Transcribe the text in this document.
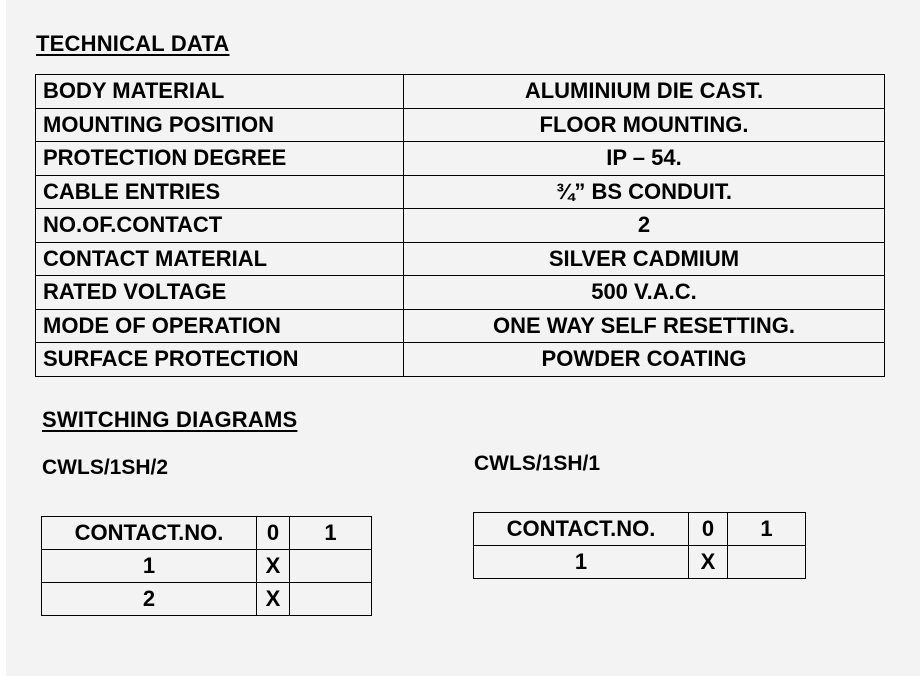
TECHNICAL DATA
BODY MATERIAL	ALUMINIUM DIE CAST.
MOUNTING POSITION	FLOOR MOUNTING.
PROTECTION DEGREE	IP – 54.
CABLE ENTRIES	¾” BS CONDUIT.
NO.OF.CONTACT	2
CONTACT MATERIAL	SILVER CADMIUM
RATED VOLTAGE	500 V.A.C.
MODE OF OPERATION	ONE WAY SELF RESETTING.
SURFACE PROTECTION	POWDER COATING
SWITCHING DIAGRAMS
CWLS/1SH/2	CWLS/1SH/1
CONTACT.NO.	0	1
1	X	
2	X	
CONTACT.NO.	0	1
1	X	
